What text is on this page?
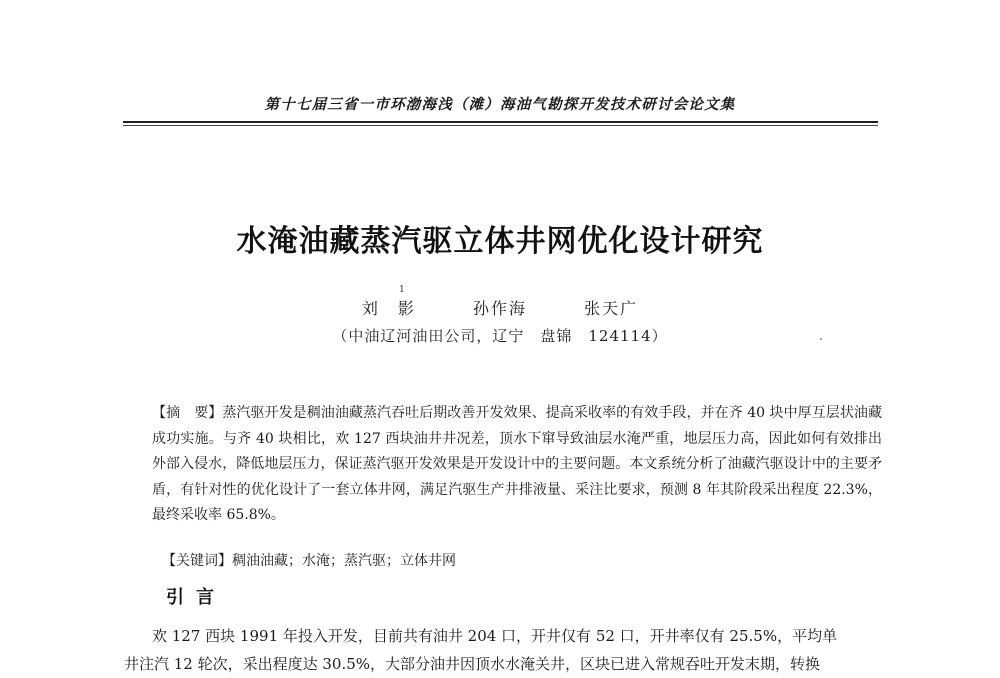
第十七届三省一市环渤海浅（滩）海油气勘探开发技术研讨会论文集
水淹油藏蒸汽驱立体井网优化设计研究
1
刘　影	孙作海	张天广
（中油辽河油田公司，辽宁　盘锦　124114）
【摘　要】蒸汽驱开发是稠油油藏蒸汽吞吐后期改善开发效果、提高采收率的有效手段，并在齐 40 块中厚互层状油藏成功实施。与齐 40 块相比，欢 127 西块油井井况差，顶水下窜导致油层水淹严重，地层压力高，因此如何有效排出外部入侵水，降低地层压力，保证蒸汽驱开发效果是开发设计中的主要问题。本文系统分析了油藏汽驱设计中的主要矛盾，有针对性的优化设计了一套立体井网，满足汽驱生产井排液量、采注比要求，预测 8 年其阶段采出程度 22.3%，最终采收率 65.8%。
【关键词】稠油油藏；水淹；蒸汽驱；立体井网
引言
欢 127 西块 1991 年投入开发，目前共有油井 204 口，开井仅有 52 口，开井率仅有 25.5%，平均单
井注汽 12 轮次，采出程度达 30.5%，大部分油井因顶水水淹关井，区块已进入常规吞吐开发末期，转换
